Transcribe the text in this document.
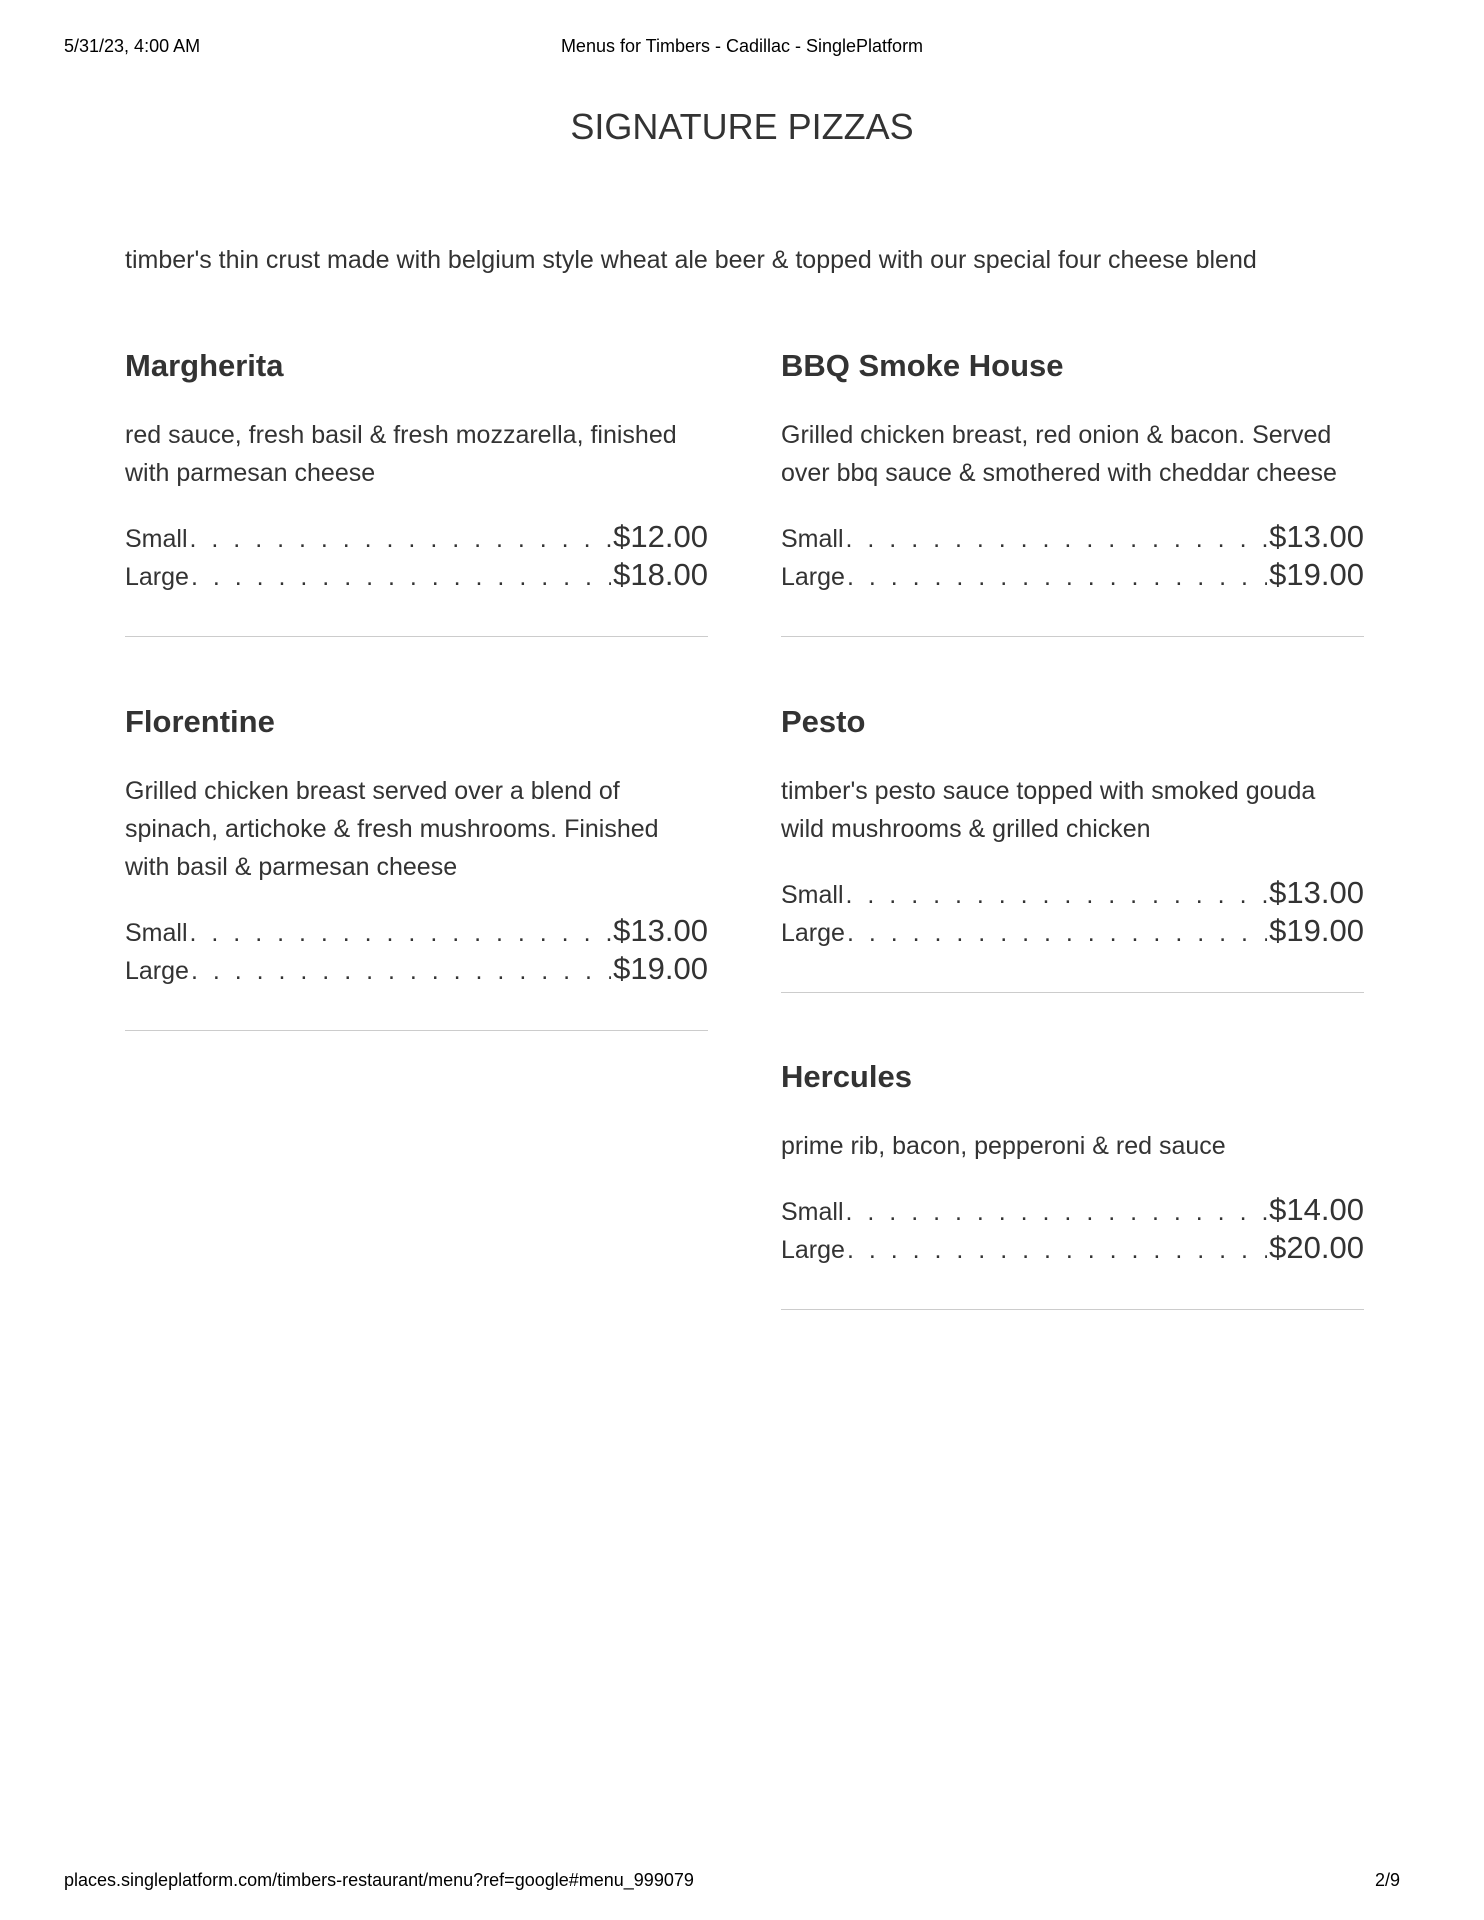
5/31/23, 4:00 AM	Menus for Timbers - Cadillac - SinglePlatform
SIGNATURE PIZZAS

timber's thin crust made with belgium style wheat ale beer & topped with our special four cheese blend

Margherita

red sauce, fresh basil & fresh mozzarella, finished with parmesan cheese

Small . . .	$12.00
Large . . .	$18.00
BBQ Smoke House

Grilled chicken breast, red onion & bacon. Served over bbq sauce & smothered with cheddar cheese

Small . . .	$13.00
Large . . .	$19.00
Florentine

Grilled chicken breast served over a blend of spinach, artichoke & fresh mushrooms. Finished with basil & parmesan cheese

Small . . .	$13.00
Large . . .	$19.00
Pesto

timber's pesto sauce topped with smoked gouda wild mushrooms & grilled chicken

Small . . .	$13.00
Large . . .	$19.00
Hercules

prime rib, bacon, pepperoni & red sauce

Small . . .	$14.00
Large . . .	$20.00
places.singleplatform.com/timbers-restaurant/menu?ref=google#menu_999079	2/9
